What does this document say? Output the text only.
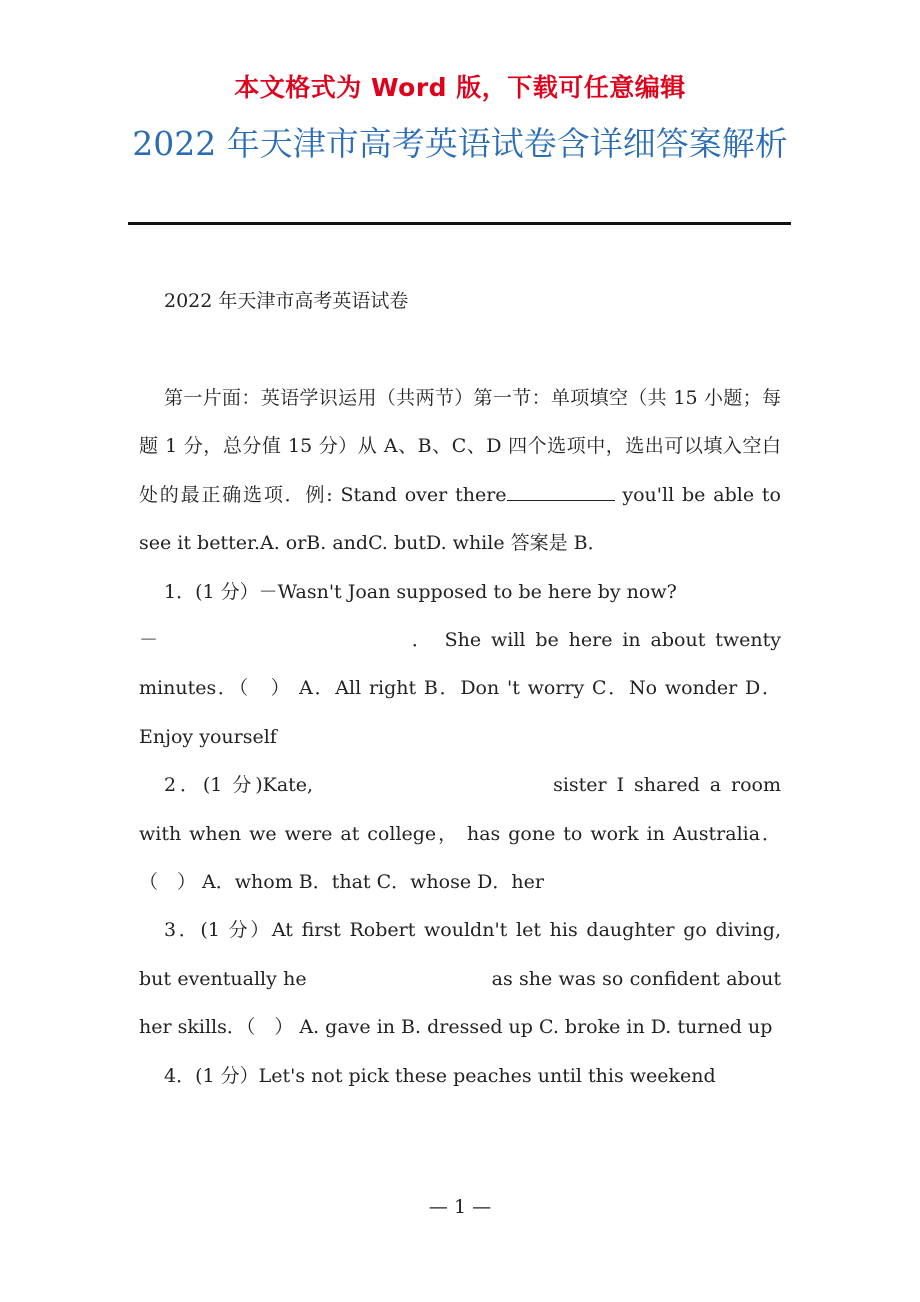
本文格式为 Word 版，下载可任意编辑
2022 年天津市高考英语试卷含详细答案解析
2022 年天津市高考英语试卷

第一片面：英语学识运用（共两节）第一节：单项填空（共 15 小题；每题 1 分，总分值 15 分）从 A、B、C、D 四个选项中，选出可以填入空白处的最正确选项．例: Stand over there	you'll be able to see it better.A. orB. andC. butD. while 答案是 B．

1．(1 分）－Wasn't Joan supposed to be here by now?
－	． She will be here in about twenty minutes．（　） A．All right B．Don 't worry C．No wonder D．Enjoy yourself

2．(1 分)Kate,	sister I shared a room with when we were at college， has gone to work in Australia．（　） A．whom B．that C．whose D．her

3．(1 分）At first Robert wouldn't let his daughter go diving, but eventually he	as she was so confident about her skills．（　） A. gave in B. dressed up C. broke in D. turned up

4．(1 分）Let's not pick these peaches until this weekend

— 1 —
